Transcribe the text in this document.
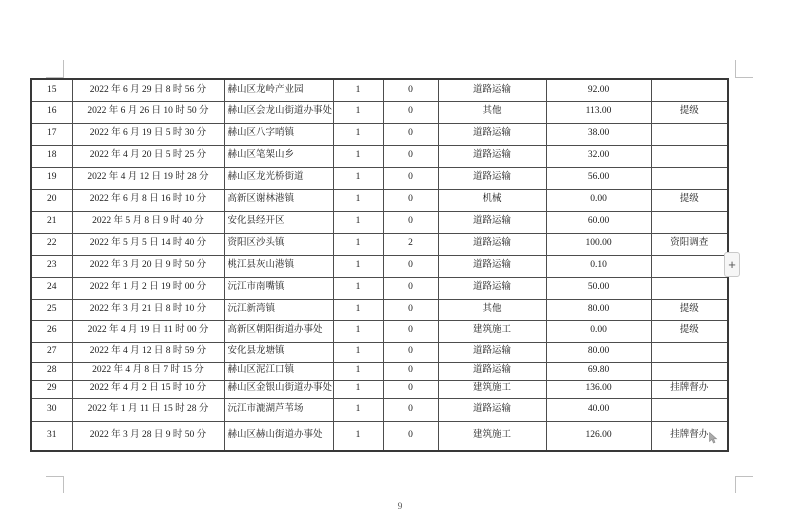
15	2022 年 6 月 29 日 8 时 56 分	赫山区龙岭产业园	1	0	道路运输	92.00	
16	2022 年 6 月 26 日 10 时 50 分	赫山区会龙山街道办事处	1	0	其他	113.00	提级
17	2022 年 6 月 19 日 5 时 30 分	赫山区八字哨镇	1	0	道路运输	38.00	
18	2022 年 4 月 20 日 5 时 25 分	赫山区笔架山乡	1	0	道路运输	32.00	
19	2022 年 4 月 12 日 19 时 28 分	赫山区龙光桥街道	1	0	道路运输	56.00	
20	2022 年 6 月 8 日 16 时 10 分	高新区谢林港镇	1	0	机械	0.00	提级
21	2022 年 5 月 8 日 9 时 40 分	安化县经开区	1	0	道路运输	60.00	
22	2022 年 5 月 5 日 14 时 40 分	资阳区沙头镇	1	2	道路运输	100.00	资阳调查
23	2022 年 3 月 20 日 9 时 50 分	桃江县灰山港镇	1	0	道路运输	0.10	
24	2022 年 1 月 2 日 19 时 00 分	沅江市南嘴镇	1	0	道路运输	50.00	
25	2022 年 3 月 21 日 8 时 10 分	沅江新湾镇	1	0	其他	80.00	提级
26	2022 年 4 月 19 日 11 时 00 分	高新区朝阳街道办事处	1	0	建筑施工	0.00	提级
27	2022 年 4 月 12 日 8 时 59 分	安化县龙塘镇	1	0	道路运输	80.00	
28	2022 年 4 月 8 日 7 时 15 分	赫山区泥江口镇	1	0	道路运输	69.80	
29	2022 年 4 月 2 日 15 时 10 分	赫山区金银山街道办事处	1	0	建筑施工	136.00	挂牌督办
30	2022 年 1 月 11 日 15 时 28 分	沅江市漉湖芦苇场	1	0	道路运输	40.00	
31	2022 年 3 月 28 日 9 时 50 分	赫山区赫山街道办事处	1	0	建筑施工	126.00	挂牌督办
+
9
